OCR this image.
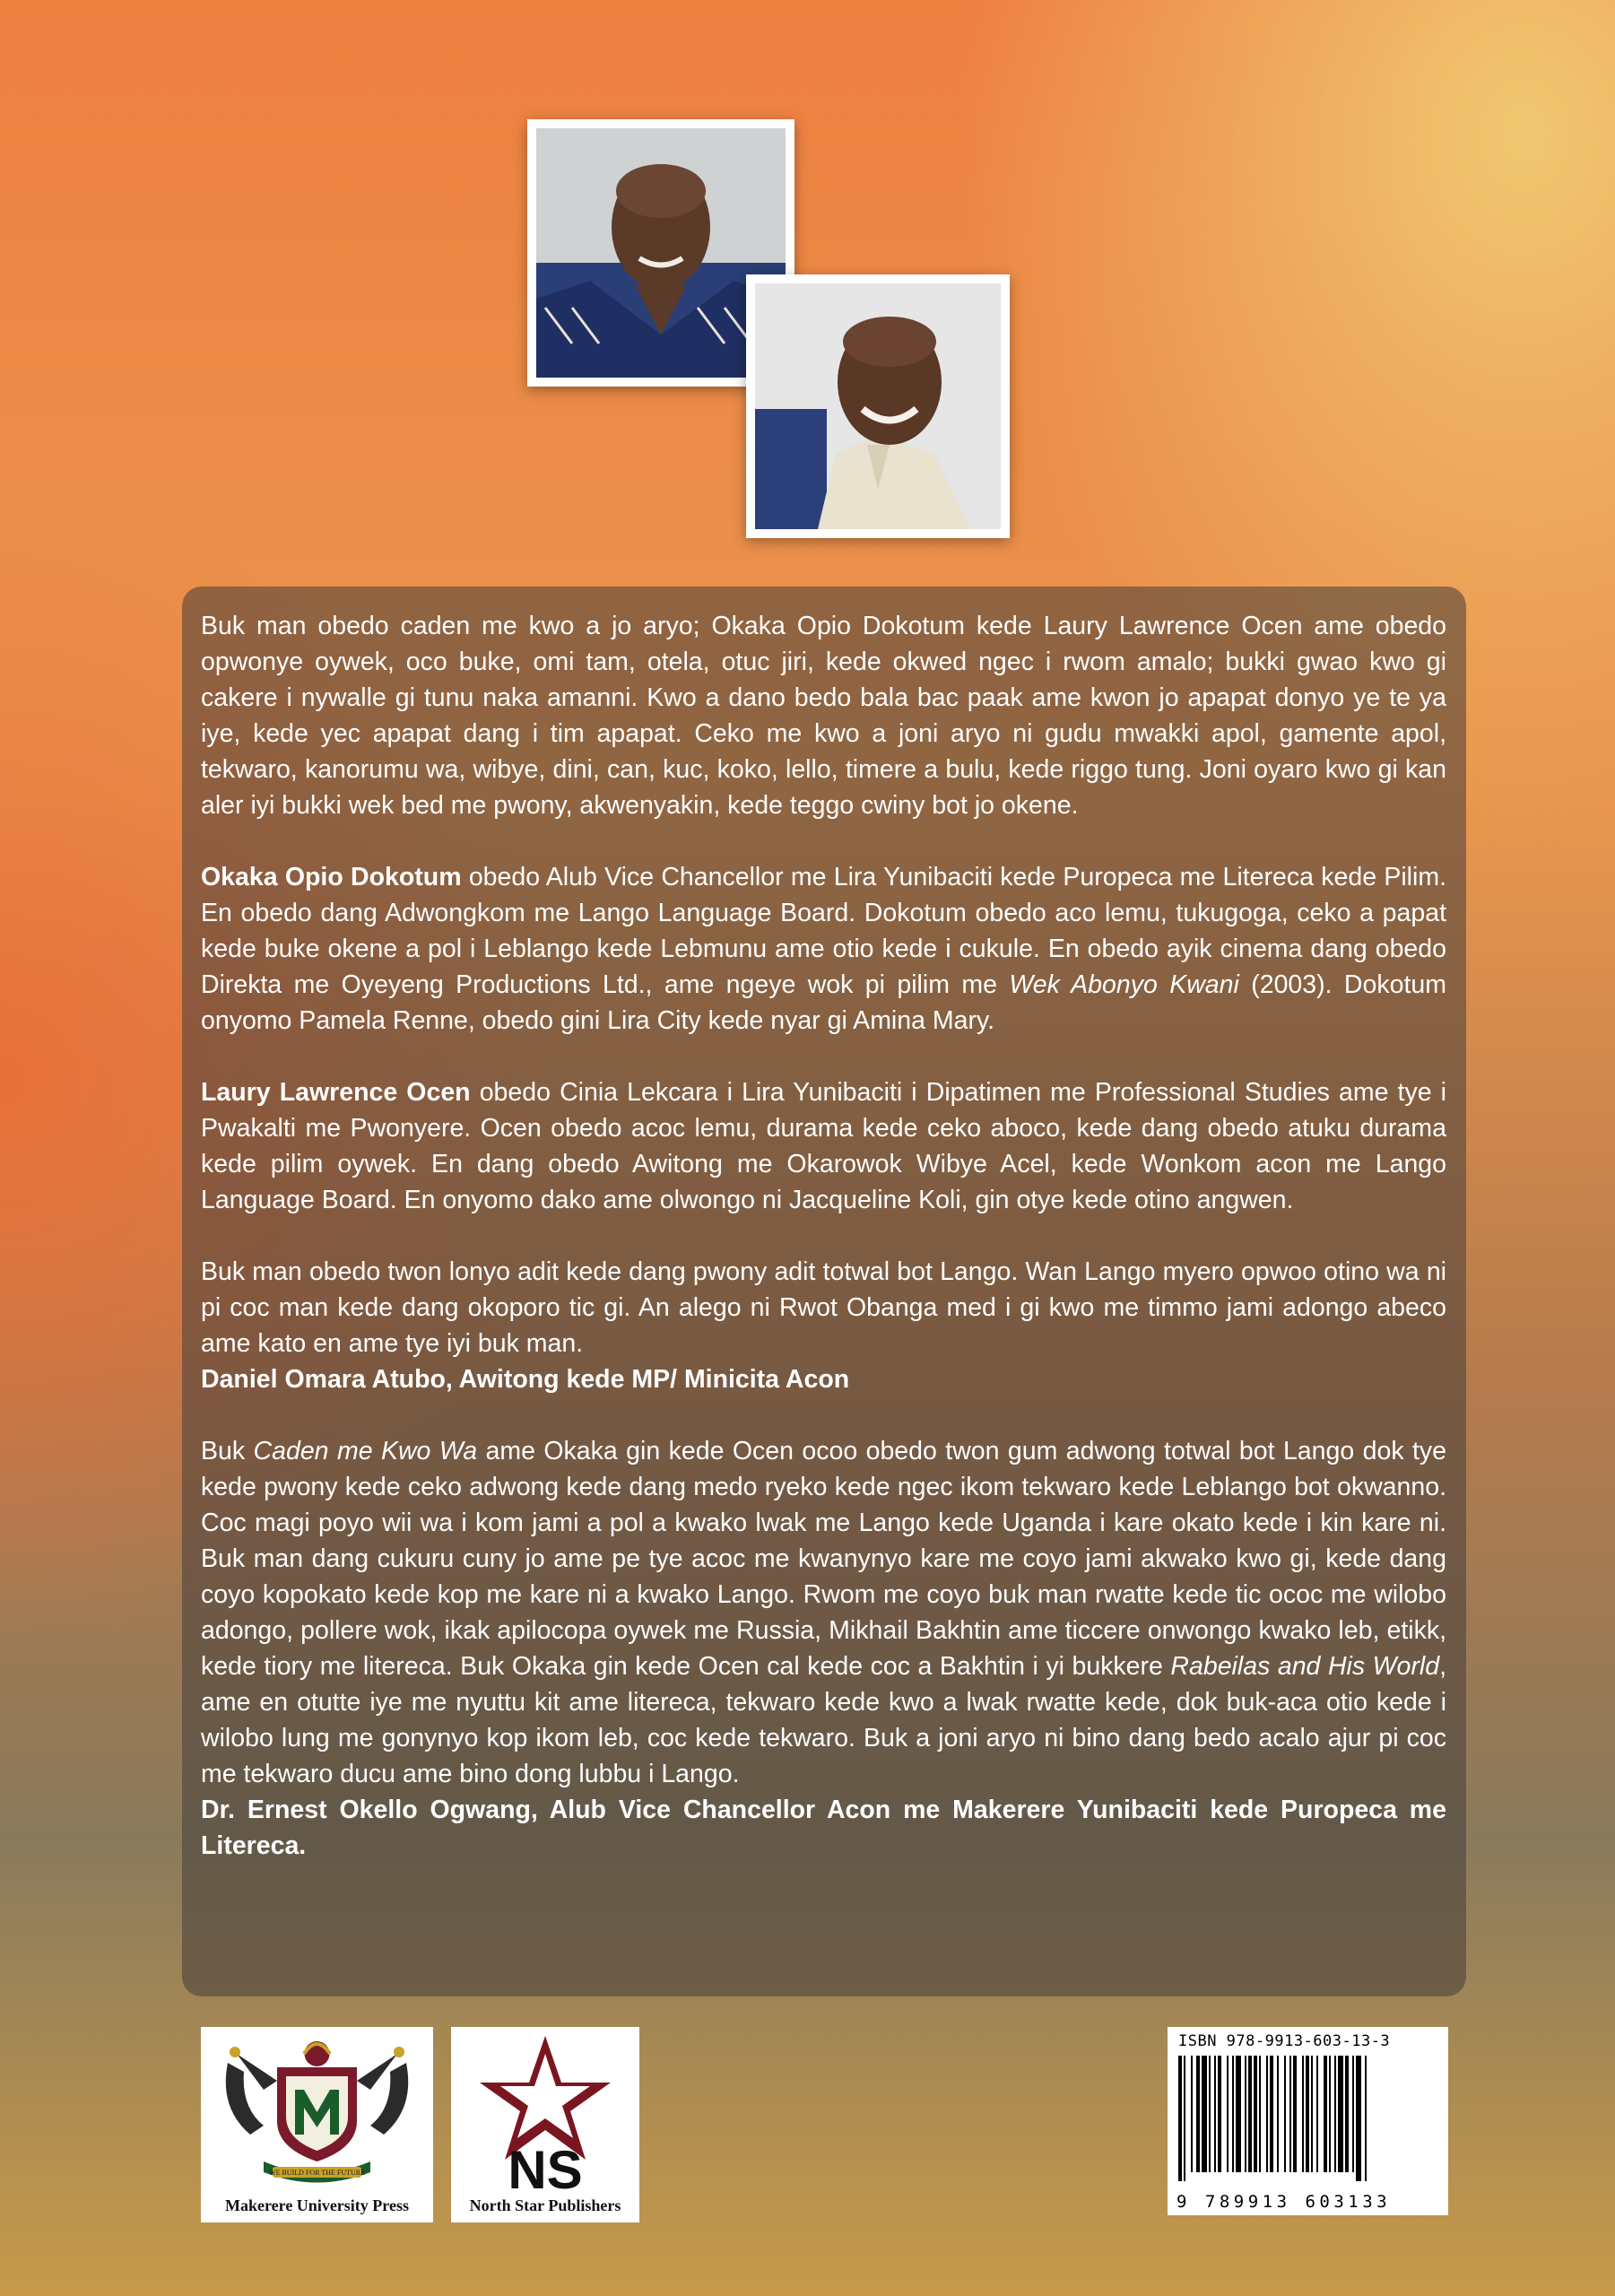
Buk man obedo caden me kwo a jo aryo; Okaka Opio Dokotum kede Laury Lawrence Ocen ame obedo opwonye oywek, oco buke, omi tam, otela, otuc jiri, kede okwed ngec i rwom amalo; bukki gwao kwo gi cakere i nywalle gi tunu naka amanni. Kwo a dano bedo bala bac paak ame kwon jo apapat donyo ye te ya iye, kede yec apapat dang i tim apapat. Ceko me kwo a joni aryo ni gudu mwakki apol, gamente apol, tekwaro, kanorumu wa, wibye, dini, can, kuc, koko, lello, timere a bulu, kede riggo tung. Joni oyaro kwo gi kan aler iyi bukki wek bed me pwony, akwenyakin, kede teggo cwiny bot jo okene.

Okaka Opio Dokotum obedo Alub Vice Chancellor me Lira Yunibaciti kede Puropeca me Litereca kede Pilim. En obedo dang Adwongkom me Lango Language Board. Dokotum obedo aco lemu, tukugoga, ceko a papat kede buke okene a pol i Leblango kede Lebmunu ame otio kede i cukule. En obedo ayik cinema dang obedo Direkta me Oyeyeng Productions Ltd., ame ngeye wok pi pilim me Wek Abonyo Kwani (2003). Dokotum onyomo Pamela Renne, obedo gini Lira City kede nyar gi Amina Mary.

Laury Lawrence Ocen obedo Cinia Lekcara i Lira Yunibaciti i Dipatimen me Professional Studies ame tye i Pwakalti me Pwonyere. Ocen obedo acoc lemu, durama kede ceko aboco, kede dang obedo atuku durama kede pilim oywek. En dang obedo Awitong me Okarowok Wibye Acel, kede Wonkom acon me Lango Language Board. En onyomo dako ame olwongo ni Jacqueline Koli, gin otye kede otino angwen.

Buk man obedo twon lonyo adit kede dang pwony adit totwal bot Lango. Wan Lango myero opwoo otino wa ni pi coc man kede dang okoporo tic gi. An alego ni Rwot Obanga med i gi kwo me timmo jami adongo abeco ame kato en ame tye iyi buk man.

Daniel Omara Atubo, Awitong kede MP/ Minicita Acon

Buk Caden me Kwo Wa ame Okaka gin kede Ocen ocoo obedo twon gum adwong totwal bot Lango dok tye kede pwony kede ceko adwong kede dang medo ryeko kede ngec ikom tekwaro kede Leblango bot okwanno. Coc magi poyo wii wa i kom jami a pol a kwako lwak me Lango kede Uganda i kare okato kede i kin kare ni. Buk man dang cukuru cuny jo ame pe tye acoc me kwanynyo kare me coyo jami akwako kwo gi, kede dang coyo kopokato kede kop me kare ni a kwako Lango. Rwom me coyo buk man rwatte kede tic ococ me wilobo adongo, pollere wok, ikak apilocopa oywek me Russia, Mikhail Bakhtin ame ticcere onwongo kwako leb, etikk, kede tiory me litereca. Buk Okaka gin kede Ocen cal kede coc a Bakhtin i yi bukkere Rabeilas and His World, ame en otutte iye me nyuttu kit ame litereca, tekwaro kede kwo a lwak rwatte kede, dok buk-aca otio kede i wilobo lung me gonynyo kop ikom leb, coc kede tekwaro. Buk a joni aryo ni bino dang bedo acalo ajur pi coc me tekwaro ducu ame bino dong lubbu i Lango.

Dr. Ernest Okello Ogwang, Alub Vice Chancellor Acon me Makerere Yunibaciti kede Puropeca me Litereca.

WE BUILD FOR THE FUTURE
Makerere University Press
NS
North Star Publishers
ISBN 978-9913-603-13-3
9 789913 603133
